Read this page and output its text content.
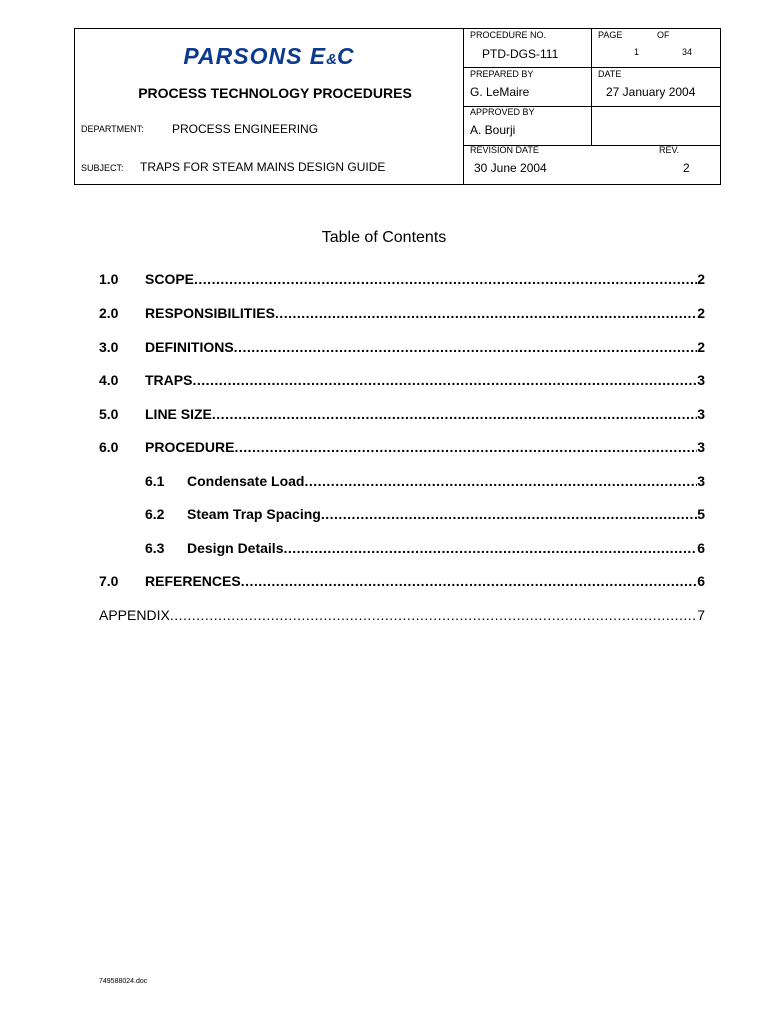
PARSONS E&C
PROCESS TECHNOLOGY PROCEDURES
DEPARTMENT: PROCESS ENGINEERING
SUBJECT: TRAPS FOR STEAM MAINS DESIGN GUIDE
PROCEDURE NO.
PTD-DGS-111
PAGE	OF
1	34
PREPARED BY
G. LeMaire
DATE
27 January 2004
APPROVED BY
A. Bourji
REVISION DATE
30 June 2004
REV.
2
Table of Contents
1.0	SCOPE .....	2
2.0	RESPONSIBILITIES .....	2
3.0	DEFINITIONS .....	2
4.0	TRAPS .....	3
5.0	LINE SIZE .....	3
6.0	PROCEDURE .....	3
6.1	Condensate Load .....	3
6.2	Steam Trap Spacing .....	5
6.3	Design Details .....	6
7.0	REFERENCES .....	6
APPENDIX .....	7
749588024.doc
